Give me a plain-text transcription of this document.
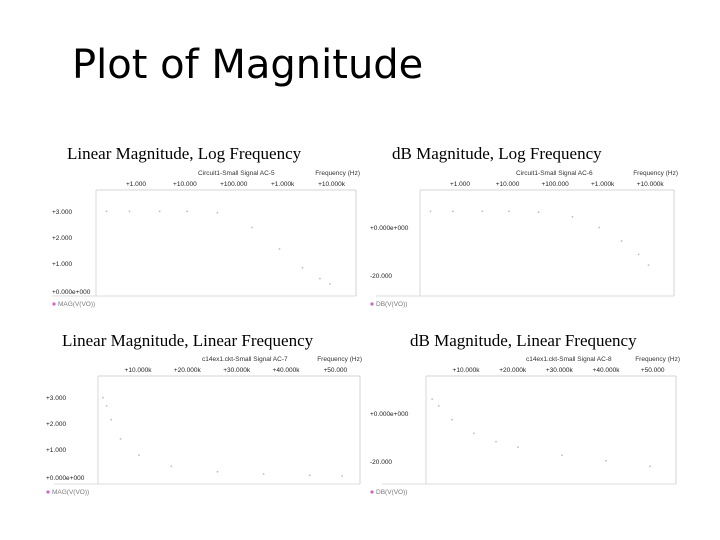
Plot of Magnitude
Linear Magnitude, Log Frequency	dB Magnitude, Log Frequency
Linear Magnitude, Linear Frequency	dB Magnitude, Linear Frequency
Circuit1-Small Signal AC-5	Frequency (Hz)
+1.000	+10.000	+100.000	+1.000k	+10.000k
+3.000
+2.000
+1.000
+0.000e+000
MAG(V(VO))
Circuit1-Small Signal AC-6	Frequency (Hz)
+1.000	+10.000	+100.000	+1.000k	+10.000k
+0.000e+000
-20.000
DB(V(VO))
c14ex1.ckt-Small Signal AC-7	Frequency (Hz)
+10.000k	+20.000k	+30.000k	+40.000k	+50.000
+3.000
+2.000
+1.000
+0.000e+000
MAG(V(VO))
c14ex1.ckt-Small Signal AC-8	Frequency (Hz)
+10.000k	+20.000k	+30.000k	+40.000k	+50.000
+0.000e+000
-20.000
DB(V(VO))
